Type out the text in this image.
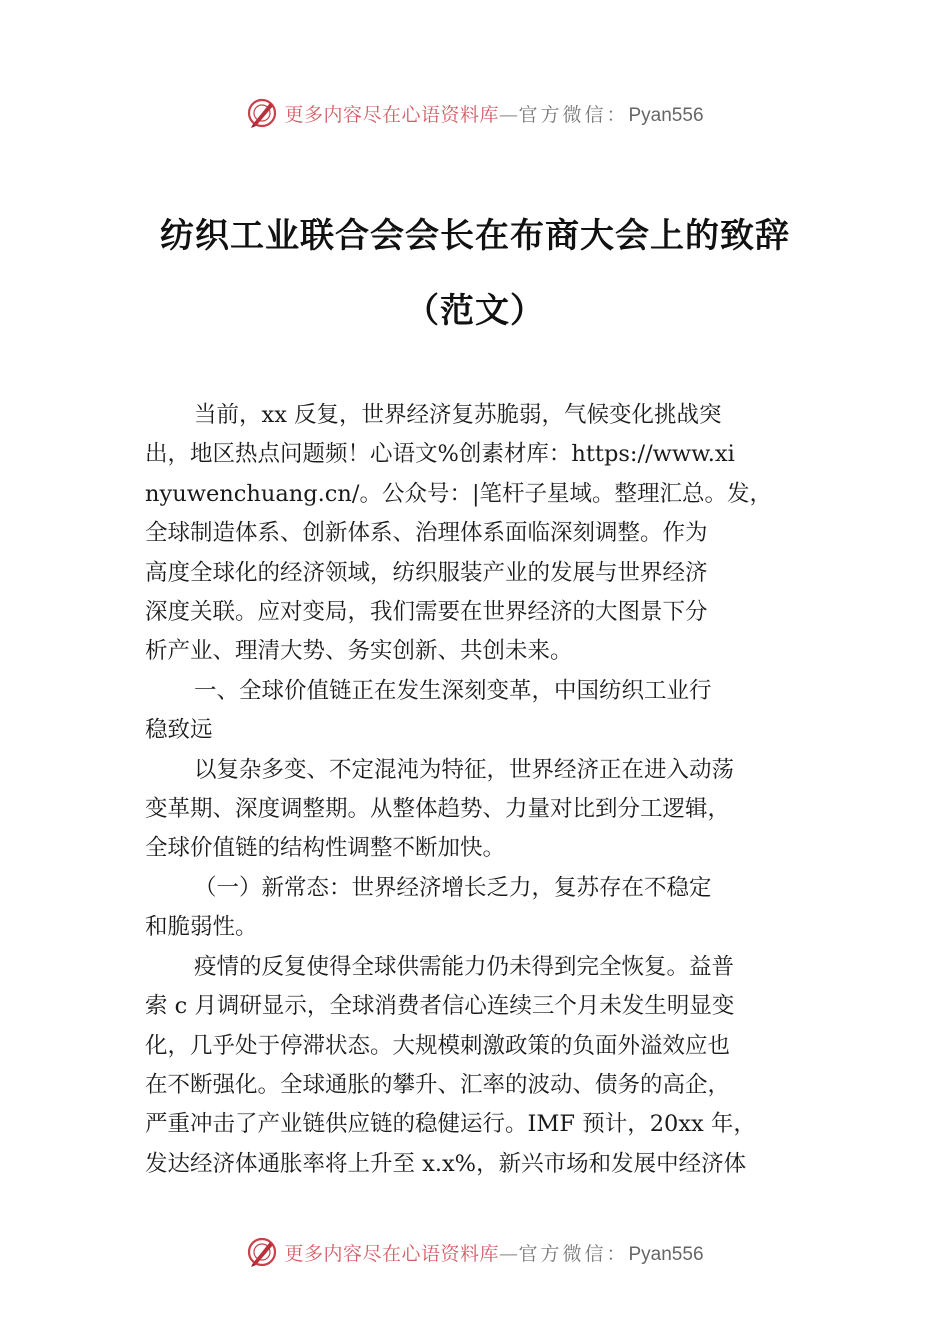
更多内容尽在心语资料库—官方微信：Pyan556
纺织工业联合会会长在布商大会上的致辞
（范文）

当前，xx 反复，世界经济复苏脆弱，气候变化挑战突

出，地区热点问题频！心语文%创素材库：https://www.xi

nyuwenchuang.cn/。公众号：|笔杆子星域。整理汇总。发，

全球制造体系、创新体系、治理体系面临深刻调整。作为

高度全球化的经济领域，纺织服装产业的发展与世界经济

深度关联。应对变局，我们需要在世界经济的大图景下分

析产业、理清大势、务实创新、共创未来。

一、全球价值链正在发生深刻变革，中国纺织工业行

稳致远

以复杂多变、不定混沌为特征，世界经济正在进入动荡

变革期、深度调整期。从整体趋势、力量对比到分工逻辑，

全球价值链的结构性调整不断加快。

（一）新常态：世界经济增长乏力，复苏存在不稳定

和脆弱性。

疫情的反复使得全球供需能力仍未得到完全恢复。益普

索 c 月调研显示，全球消费者信心连续三个月未发生明显变

化，几乎处于停滞状态。大规模刺激政策的负面外溢效应也

在不断强化。全球通胀的攀升、汇率的波动、债务的高企，

严重冲击了产业链供应链的稳健运行。IMF 预计，20xx 年，

发达经济体通胀率将上升至 x.x%，新兴市场和发展中经济体

更多内容尽在心语资料库—官方微信：Pyan556
